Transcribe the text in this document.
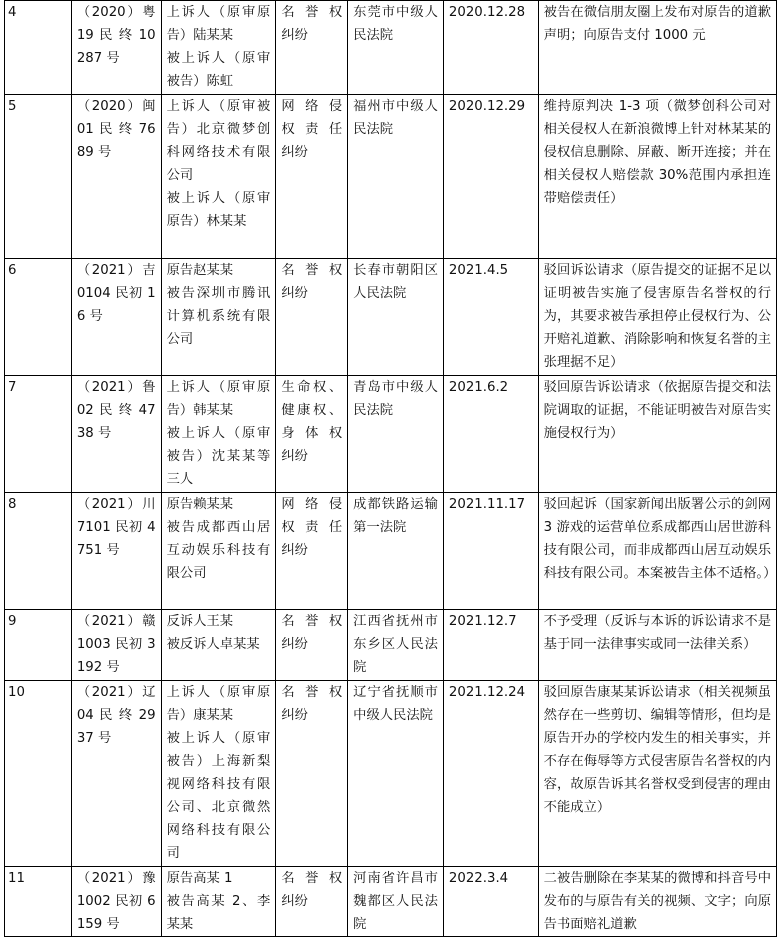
4	（2020）粤 19 民 终 10287 号	上诉人（原审原告）陆某某
被上诉人（原审被告）陈虹	名 誉 权 纠纷	东莞市中级人民法院	2020.12.28	被告在微信朋友圈上发布对原告的道歉声明；向原告支付 1000 元
5	（2020）闽 01 民 终 7689 号	上诉人（原审被告）北京微梦创科网络技术有限公司
被上诉人（原审原告）林某某	网 络 侵 权 责 任 纠纷	福州市中级人民法院	2020.12.29	维持原判决 1-3 项（微梦创科公司对相关侵权人在新浪微博上针对林某某的侵权信息删除、屏蔽、断开连接；并在相关侵权人赔偿款 30%范围内承担连带赔偿责任）
6	（2021）吉 0104 民初 16 号	原告赵某某
被告深圳市腾讯计算机系统有限公司	名 誉 权 纠纷	长春市朝阳区人民法院	2021.4.5	驳回诉讼请求（原告提交的证据不足以证明被告实施了侵害原告名誉权的行为，其要求被告承担停止侵权行为、公开赔礼道歉、消除影响和恢复名誉的主张理据不足）
7	（2021）鲁 02 民 终 4738 号	上诉人（原审原告）韩某某
被上诉人（原审被告）沈某某等三人	生命权、健康权、身 体 权 纠纷	青岛市中级人民法院	2021.6.2	驳回原告诉讼请求（依据原告提交和法院调取的证据，不能证明被告对原告实施侵权行为）
8	（2021）川 7101 民初 4751 号	原告赖某某
被告成都西山居互动娱乐科技有限公司	网 络 侵 权 责 任 纠纷	成都铁路运输第一法院	2021.11.17	驳回起诉（国家新闻出版署公示的剑网 3 游戏的运营单位系成都西山居世游科技有限公司，而非成都西山居互动娱乐科技有限公司。本案被告主体不适格。）
9	（2021）赣 1003 民初 3192 号	反诉人王某
被反诉人卓某某	名 誉 权 纠纷	江西省抚州市东乡区人民法院	2021.12.7	不予受理（反诉与本诉的诉讼请求不是基于同一法律事实或同一法律关系）
10	（2021）辽 04 民 终 2937 号	上诉人（原审原告）康某某
被上诉人（原审被告）上海新梨视网络科技有限公司、北京微然网络科技有限公司	名 誉 权 纠纷	辽宁省抚顺市中级人民法院	2021.12.24	驳回原告康某某诉讼请求（相关视频虽然存在一些剪切、编辑等情形，但均是原告开办的学校内发生的相关事实，并不存在侮辱等方式侵害原告名誉权的内容，故原告诉其名誉权受到侵害的理由不能成立）
11	（2021）豫 1002 民初 6159 号	原告高某 1
被告高某 2、李某某	名 誉 权 纠纷	河南省许昌市魏都区人民法院	2022.3.4	二被告删除在李某某的微博和抖音号中发布的与原告有关的视频、文字；向原告书面赔礼道歉
